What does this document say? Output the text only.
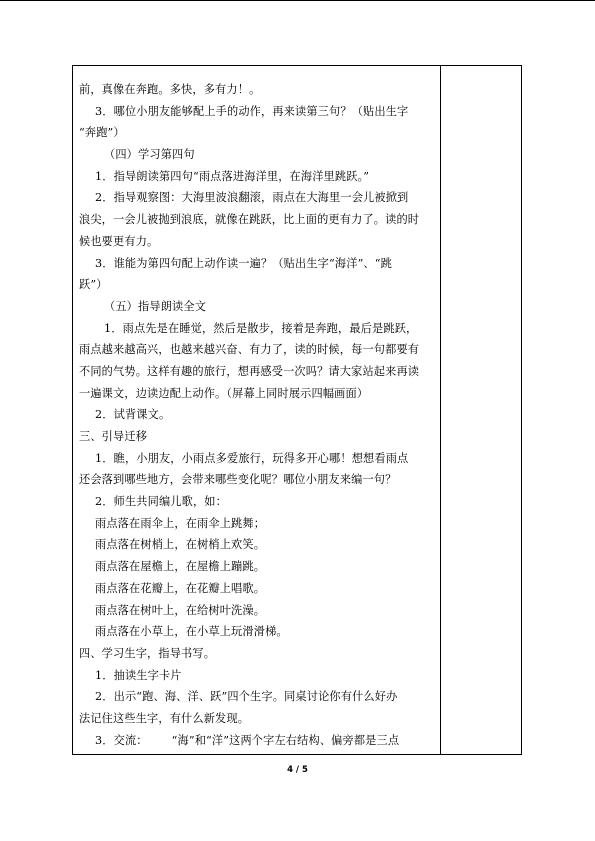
前，真像在奔跑。多快，多有力！。
3．哪位小朋友能够配上手的动作，再来读第三句？（贴出生字
“奔跑”）
（四）学习第四句
1．指导朗读第四句“雨点落进海洋里，在海洋里跳跃。”
2．指导观察图：大海里波浪翻滚，雨点在大海里一会儿被掀到
浪尖，一会儿被抛到浪底，就像在跳跃，比上面的更有力了。读的时
候也要更有力。
3．谁能为第四句配上动作读一遍？（贴出生字“海洋”、“跳
跃”）
（五）指导朗读全文
1．雨点先是在睡觉，然后是散步，接着是奔跑，最后是跳跃，
雨点越来越高兴，也越来越兴奋、有力了，读的时候，每一句都要有
不同的气势。这样有趣的旅行，想再感受一次吗？请大家站起来再读
一遍课文，边读边配上动作。（屏幕上同时展示四幅画面）
2．试背课文。
三、引导迁移
1．瞧，小朋友，小雨点多爱旅行，玩得多开心哪！想想看雨点
还会落到哪些地方，会带来哪些变化呢？哪位小朋友来编一句？
2．师生共同编儿歌，如：
雨点落在雨伞上，在雨伞上跳舞；
雨点落在树梢上，在树梢上欢笑。
雨点落在屋檐上，在屋檐上蹦跳。
雨点落在花瓣上，在花瓣上唱歌。
雨点落在树叶上，在给树叶洗澡。
雨点落在小草上，在小草上玩滑滑梯。
四、学习生字，指导书写。
1．抽读生字卡片
2．出示“跑、海、洋、跃”四个生字。同桌讨论你有什么好办
法记住这些生字，有什么新发现。
3．交流： “海”和“洋”这两个字左右结构、偏旁都是三点
4 / 5
